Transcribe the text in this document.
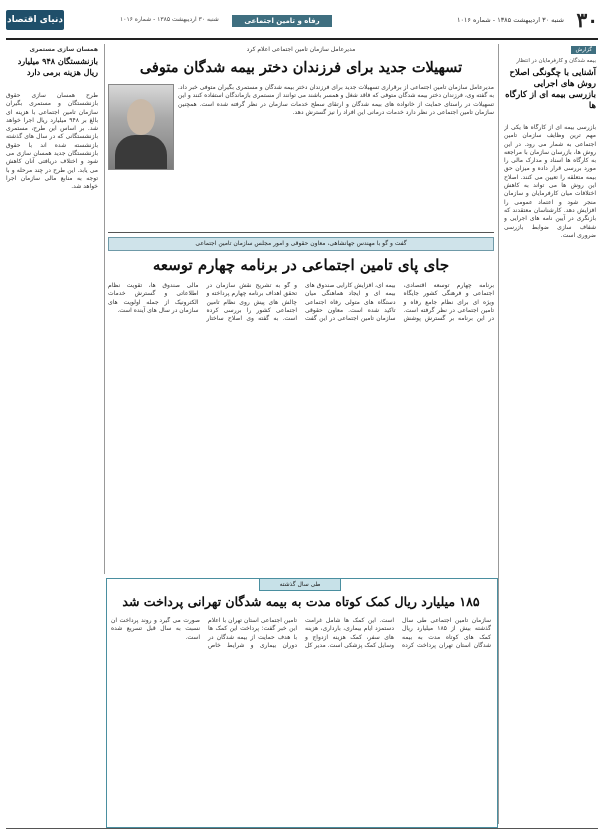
۳۰
شنبه ۳۰ اردیبهشت ۱۳۸۵ - شماره ۱۰۱۶
رفاه و تامین اجتماعی
دنیای اقتصاد	شنبه ۳۰ اردیبهشت ۱۳۸۵ - شماره ۱۰۱۶
گزارش
بیمه شدگان و کارفرمایان در انتظار
آشنایی با چگونگی اصلاح روش های اجرایی بازرسی بیمه ای از کارگاه ها
بازرسی بیمه ای از کارگاه ها یکی از مهم ترین وظایف سازمان تامین اجتماعی به شمار می رود. در این روش ها، بازرسان سازمان با مراجعه به کارگاه ها اسناد و مدارک مالی را مورد بررسی قرار داده و میزان حق بیمه متعلقه را تعیین می کنند. اصلاح این روش ها می تواند به کاهش اختلافات میان کارفرمایان و سازمان منجر شود و اعتماد عمومی را افزایش دهد. کارشناسان معتقدند که بازنگری در آیین نامه های اجرایی و شفاف سازی ضوابط بازرسی ضروری است.
همسان سازی مستمری
بازنشستگان ۹۴۸ میلیارد ریال هزینه برمی دارد
طرح همسان سازی حقوق بازنشستگان و مستمری بگیران سازمان تامین اجتماعی با هزینه ای بالغ بر ۹۴۸ میلیارد ریال اجرا خواهد شد. بر اساس این طرح، مستمری بازنشستگانی که در سال های گذشته بازنشسته شده اند با حقوق بازنشستگان جدید همسان سازی می شود و اختلاف دریافتی آنان کاهش می یابد. این طرح در چند مرحله و با توجه به منابع مالی سازمان اجرا خواهد شد.
مدیرعامل سازمان تامین اجتماعی اعلام کرد
تسهیلات جدید برای فرزندان دختر بیمه شدگان متوفی
مدیرعامل سازمان تامین اجتماعی از برقراری تسهیلات جدید برای فرزندان دختر بیمه شدگان و مستمری بگیران متوفی خبر داد. به گفته وی، فرزندان دختر بیمه شدگان متوفی که فاقد شغل و همسر باشند می توانند از مستمری بازماندگان استفاده کنند و این تسهیلات در راستای حمایت از خانواده های بیمه شدگان و ارتقای سطح خدمات سازمان در نظر گرفته شده است. همچنین سازمان تامین اجتماعی در نظر دارد خدمات درمانی این افراد را نیز گسترش دهد.
گفت و گو با مهندس جهانشاهی، معاون حقوقی و امور مجلس سازمان تامین اجتماعی
جای پای تامین اجتماعی در برنامه چهارم توسعه
برنامه چهارم توسعه اقتصادی، اجتماعی و فرهنگی کشور جایگاه ویژه ای برای نظام جامع رفاه و تامین اجتماعی در نظر گرفته است. در این برنامه بر گسترش پوشش بیمه ای، افزایش کارایی صندوق های بیمه ای و ایجاد هماهنگی میان دستگاه های متولی رفاه اجتماعی تاکید شده است. معاون حقوقی سازمان تامین اجتماعی در این گفت و گو به تشریح نقش سازمان در تحقق اهداف برنامه چهارم پرداخته و چالش های پیش روی نظام تامین اجتماعی کشور را بررسی کرده است. به گفته وی اصلاح ساختار مالی صندوق ها، تقویت نظام اطلاعاتی و گسترش خدمات الکترونیک از جمله اولویت های سازمان در سال های آینده است.
طی سال گذشته
۱۸۵ میلیارد ریال کمک کوتاه مدت به بیمه شدگان تهرانی پرداخت شد
سازمان تامین اجتماعی طی سال گذشته بیش از ۱۸۵ میلیارد ریال کمک های کوتاه مدت به بیمه شدگان استان تهران پرداخت کرده است. این کمک ها شامل غرامت دستمزد ایام بیماری، بارداری، هزینه های سفر، کمک هزینه ازدواج و وسایل کمک پزشکی است. مدیر کل تامین اجتماعی استان تهران با اعلام این خبر گفت: پرداخت این کمک ها با هدف حمایت از بیمه شدگان در دوران بیماری و شرایط خاص صورت می گیرد و روند پرداخت آن نسبت به سال قبل تسریع شده است.
